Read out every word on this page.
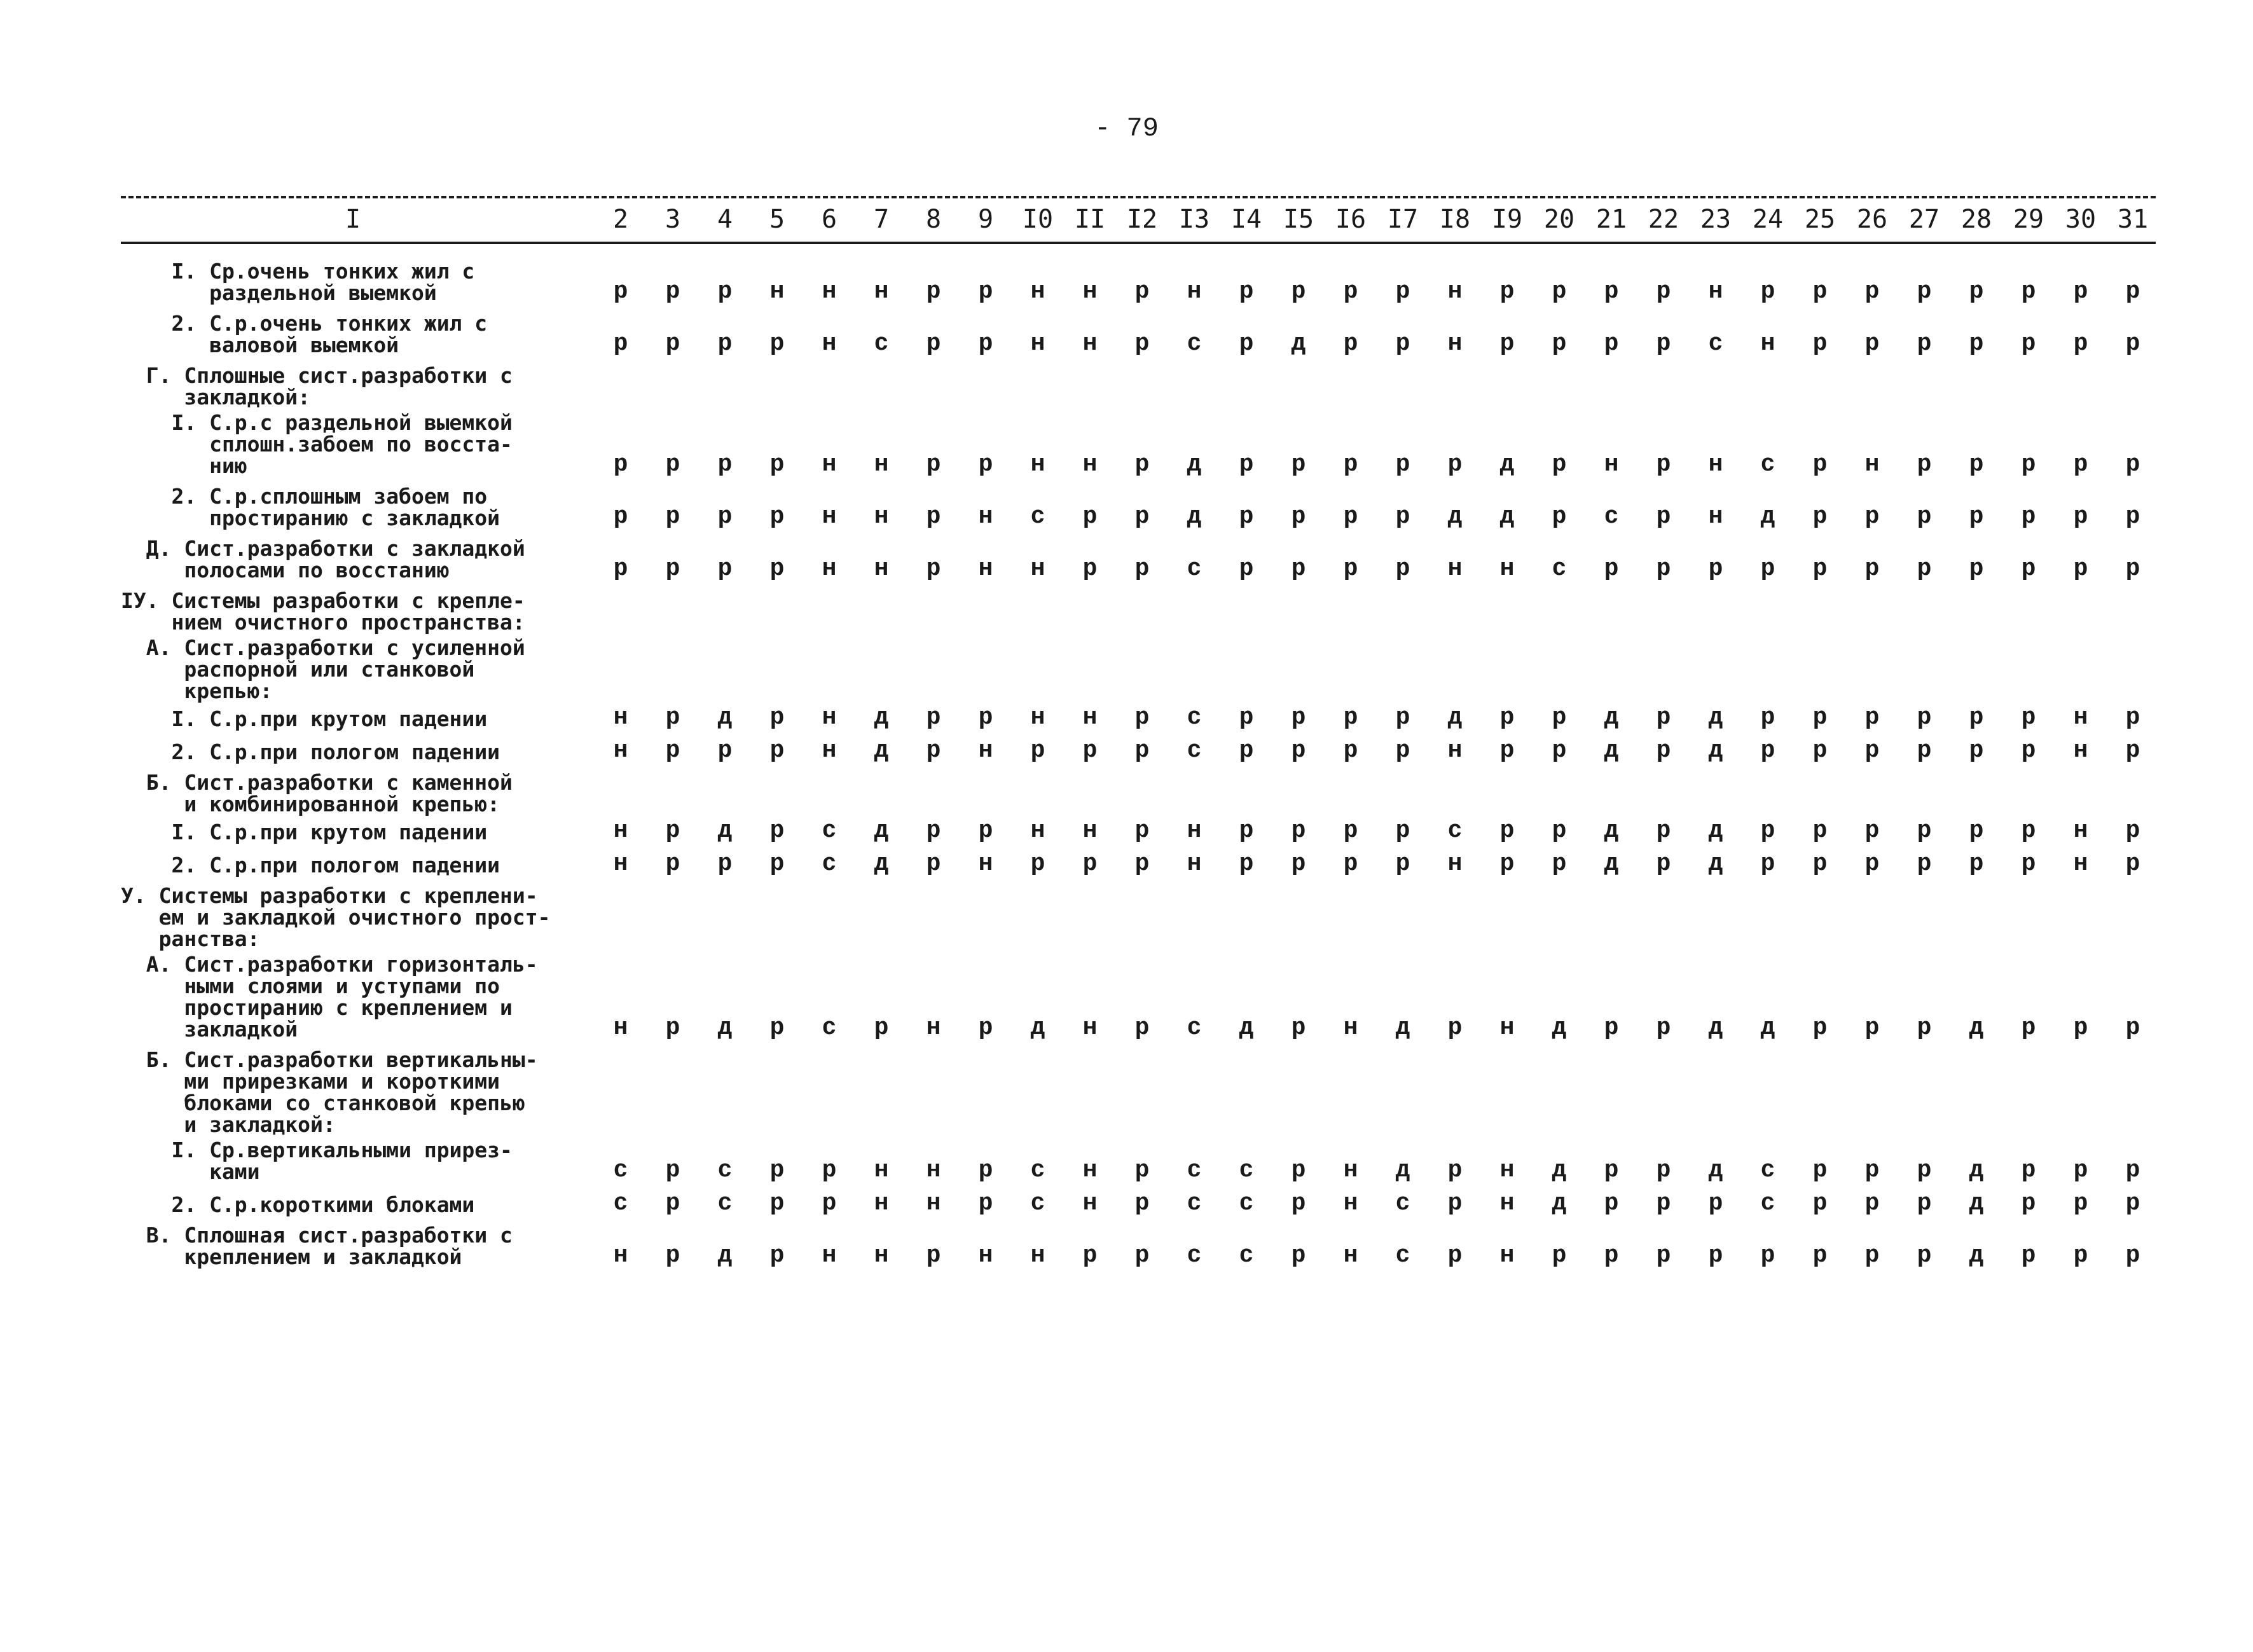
- 79
I	2	3	4	5	6	7	8	9	I0 II I2 I3 I4 I5 I6 I7 I8 I9 20 21 22 23 24 25 26 27 28 29 30 31
I. Ср.очень тонких жил с
раздельной выемкой	р	р	р	н	н	н	р	р	н	н	р	н	р	р	р	р	н	р	р	р	р	н	р	р	р	р	р	р	р	р
2. С.р.очень тонких жил с
валовой выемкой	р	р	р	р	н	с	р	р	н	н	р	с	р	д	р	р	н	р	р	р	р	с	н	р	р	р	р	р	р	р
Г. Сплошные сист.разработки с
закладкой:
I. С.р.с раздельной выемкой
сплошн.забоем по восста-
нию	р	р	р	р	н	н	р	р	н	н	р	д	р	р	р	р	р	д	р	н	р	н	с	р	н	р	р	р	р	р
2. С.р.сплошным забоем по
простиранию с закладкой	р	р	р	р	н	н	р	н	с	р	р	д	р	р	р	р	д	д	р	с	р	н	д	р	р	р	р	р	р	р
Д. Сист.разработки с закладкой
полосами по восстанию	р	р	р	р	н	н	р	н	н	р	р	с	р	р	р	р	н	н	с	р	р	р	р	р	р	р	р	р	р	р
IУ. Системы разработки с крепле-
нием очистного пространства:
А. Сист.разработки с усиленной
распорной или станковой
крепью:
I. С.р.при крутом падении	н	р	д	р	н	д	р	р	н	н	р	с	р	р	р	р	д	р	р	д	р	д	р	р	р	р	р	р	н	р
2. С.р.при пологом падении	н	р	р	р	н	д	р	н	р	р	р	с	р	р	р	р	н	р	р	д	р	д	р	р	р	р	р	р	н	р
Б. Сист.разработки с каменной
и комбинированной крепью:
I. С.р.при крутом падении	н	р	д	р	с	д	р	р	н	н	р	н	р	р	р	р	с	р	р	д	р	д	р	р	р	р	р	р	н	р
2. С.р.при пологом падении	н	р	р	р	с	д	р	н	р	р	р	н	р	р	р	р	н	р	р	д	р	д	р	р	р	р	р	р	н	р
У. Системы разработки с креплени-
ем и закладкой очистного прост-
ранства:
А. Сист.разработки горизонталь-
ными слоями и уступами по
простиранию с креплением и
закладкой	н	р	д	р	с	р	н	р	д	н	р	с	д	р	н	д	р	н	д	р	р	д	д	р	р	р	д	р	р	р
Б. Сист.разработки вертикальны-
ми прирезками и короткими
блоками со станковой крепью
и закладкой:
I. Ср.вертикальными прирез-
ками	с	р	с	р	р	н	н	р	с	н	р	с	с	р	н	д	р	н	д	р	р	д	с	р	р	р	д	р	р	р
2. С.р.короткими блоками	с	р	с	р	р	н	н	р	с	н	р	с	с	р	н	с	р	н	д	р	р	р	с	р	р	р	д	р	р	р
В. Сплошная сист.разработки с
креплением и закладкой	н	р	д	р	н	н	р	н	н	р	р	с	с	р	н	с	р	н	р	р	р	р	р	р	р	р	д	р	р	р
